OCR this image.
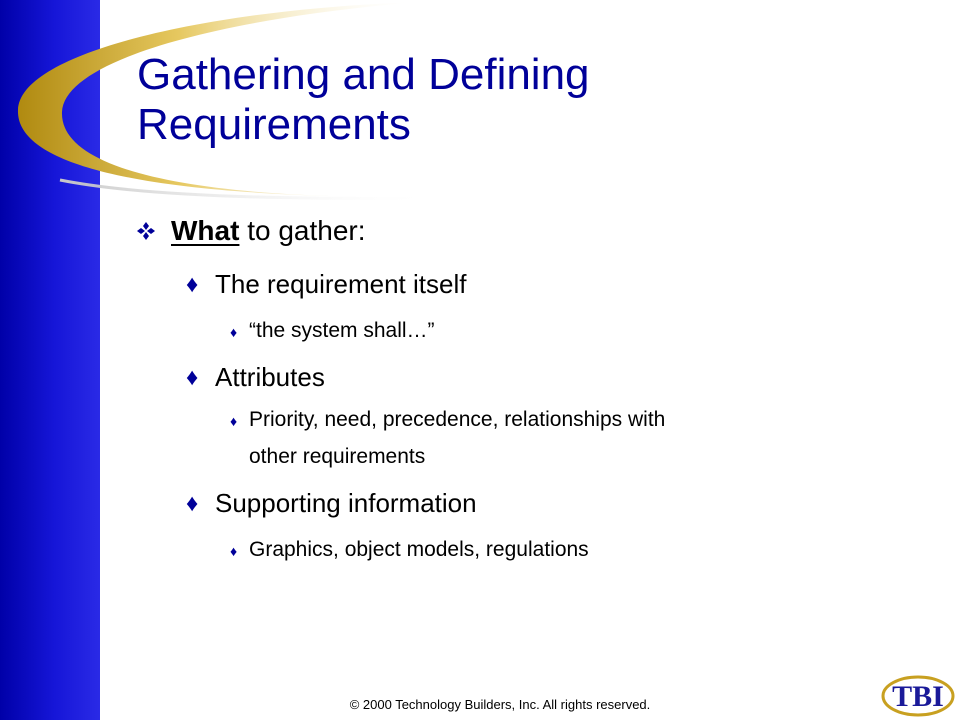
Gathering and Defining
Requirements
What to gather:
♦ The requirement itself
♦ “the system shall…”
♦ Attributes
♦ Priority, need, precedence, relationships with
other requirements
♦ Supporting information
♦ Graphics, object models, regulations
© 2000 Technology Builders, Inc. All rights reserved.	TBI
